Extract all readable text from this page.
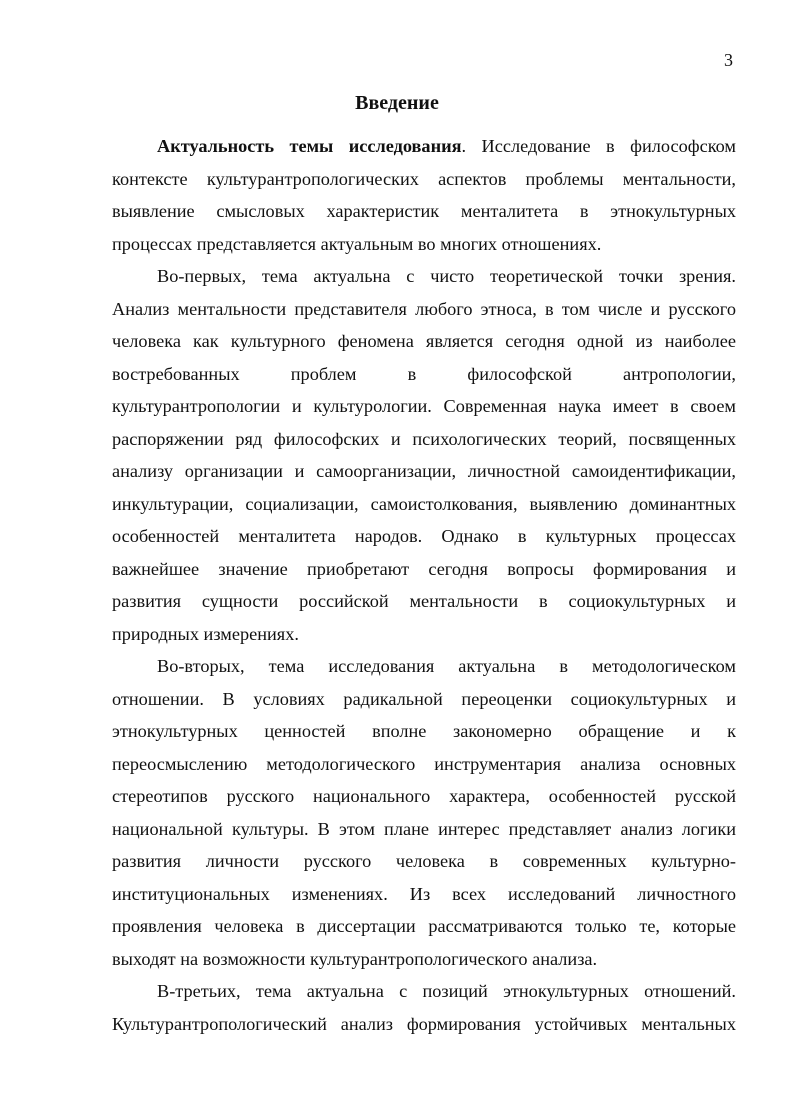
3
Введение
Актуальность темы исследования. Исследование в философском
контексте культурантропологических аспектов проблемы ментальности,
выявление смысловых характеристик менталитета в этнокультурных
процессах представляется актуальным во многих отношениях.
Во-первых, тема актуальна с чисто теоретической точки зрения.
Анализ ментальности представителя любого этноса, в том числе и русского
человека как культурного феномена является сегодня одной из наиболее
востребованных проблем в философской антропологии,
культурантропологии и культурологии. Современная наука имеет в своем
распоряжении ряд философских и психологических теорий, посвященных
анализу организации и самоорганизации, личностной самоидентификации,
инкультурации, социализации, самоистолкования, выявлению доминантных
особенностей менталитета народов. Однако в культурных процессах
важнейшее значение приобретают сегодня вопросы формирования и
развития сущности российской ментальности в социокультурных и
природных измерениях.
Во-вторых, тема исследования актуальна в методологическом
отношении. В условиях радикальной переоценки социокультурных и
этнокультурных ценностей вполне закономерно обращение и к
переосмыслению методологического инструментария анализа основных
стереотипов русского национального характера, особенностей русской
национальной культуры. В этом плане интерес представляет анализ логики
развития личности русского человека в современных культурно-
институциональных изменениях. Из всех исследований личностного
проявления человека в диссертации рассматриваются только те, которые
выходят на возможности культурантропологического анализа.
В-третьих, тема актуальна с позиций этнокультурных отношений.
Культурантропологический анализ формирования устойчивых ментальных
